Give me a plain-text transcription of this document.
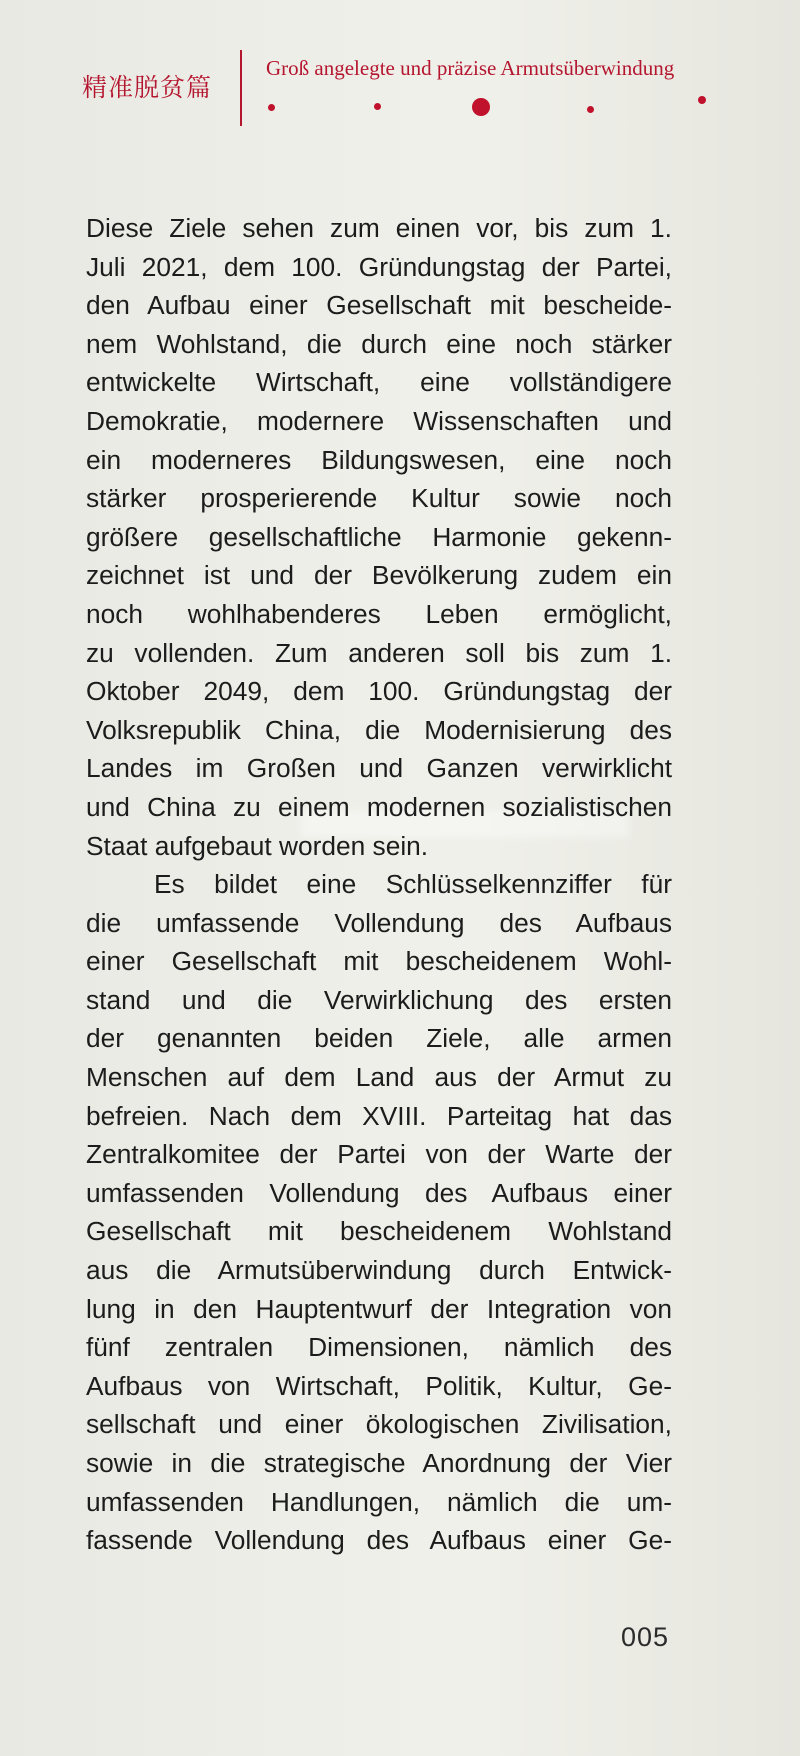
精准脱贫篇
Groß angelegte und präzise Armutsüberwindung
Diese Ziele sehen zum einen vor, bis zum 1.
Juli 2021, dem 100. Gründungstag der Partei,
den Aufbau einer Gesellschaft mit bescheide-
nem Wohlstand, die durch eine noch stärker
entwickelte Wirtschaft, eine vollständigere
Demokratie, modernere Wissenschaften und
ein moderneres Bildungswesen, eine noch
stärker prosperierende Kultur sowie noch
größere gesellschaftliche Harmonie gekenn-
zeichnet ist und der Bevölkerung zudem ein
noch wohlhabenderes Leben ermöglicht,
zu vollenden. Zum anderen soll bis zum 1.
Oktober 2049, dem 100. Gründungstag der
Volksrepublik China, die Modernisierung des
Landes im Großen und Ganzen verwirklicht
und China zu einem modernen sozialistischen
Staat aufgebaut worden sein.
Es bildet eine Schlüsselkennziffer für
die umfassende Vollendung des Aufbaus
einer Gesellschaft mit bescheidenem Wohl-
stand und die Verwirklichung des ersten
der genannten beiden Ziele, alle armen
Menschen auf dem Land aus der Armut zu
befreien. Nach dem XVIII. Parteitag hat das
Zentralkomitee der Partei von der Warte der
umfassenden Vollendung des Aufbaus einer
Gesellschaft mit bescheidenem Wohlstand
aus die Armutsüberwindung durch Entwick-
lung in den Hauptentwurf der Integration von
fünf zentralen Dimensionen, nämlich des
Aufbaus von Wirtschaft, Politik, Kultur, Ge-
sellschaft und einer ökologischen Zivilisation,
sowie in die strategische Anordnung der Vier
umfassenden Handlungen, nämlich die um-
fassende Vollendung des Aufbaus einer Ge-
005
